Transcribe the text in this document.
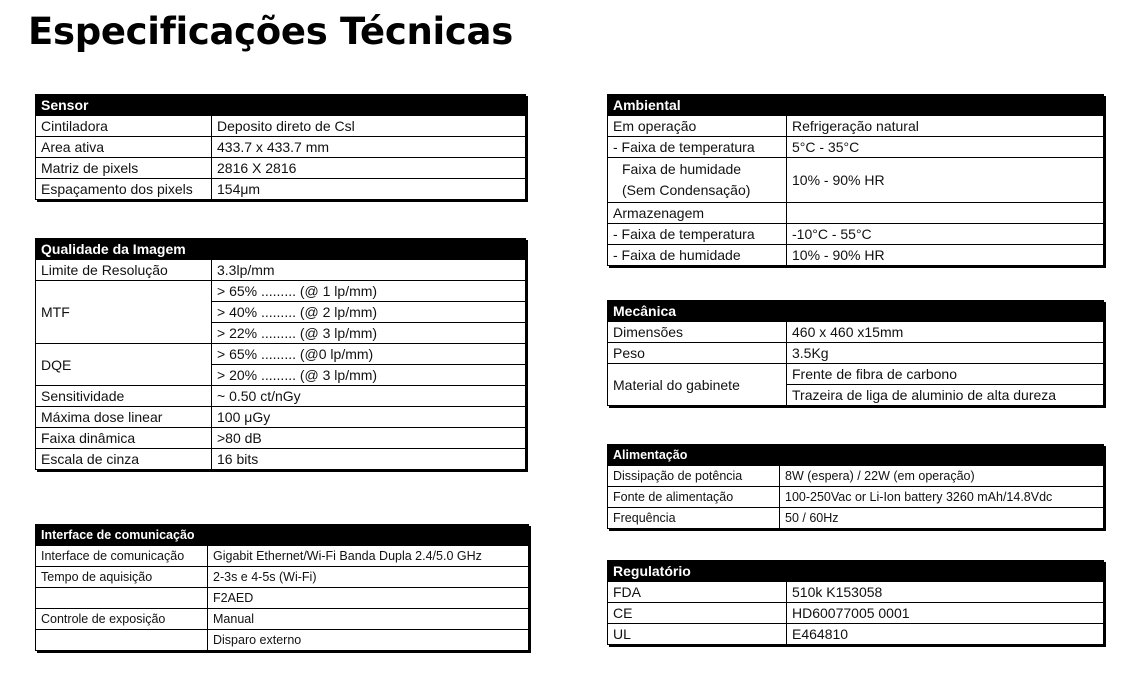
Especificações Técnicas
Sensor	
Cintiladora	Deposito direto de Csl
Area ativa	433.7 x 433.7 mm
Matriz de pixels	2816 X 2816
Espaçamento dos pixels	154μm
Qualidade da Imagem	
Limite de Resolução	3.3lp/mm
MTF	> 65% ......... (@ 1 lp/mm)
	> 40% ......... (@ 2 lp/mm)
	> 22% ......... (@ 3 lp/mm)
DQE	> 65% ......... (@0 lp/mm)
	> 20% ......... (@ 3 lp/mm)
Sensitividade	~ 0.50 ct/nGy
Máxima dose linear	100 μGy
Faixa dinâmica	>80 dB
Escala de cinza	16 bits
Interface de comunicação	
Interface de comunicação	Gigabit Ethernet/Wi-Fi Banda Dupla 2.4/5.0 GHz
Tempo de aquisição	2-3s e 4-5s (Wi-Fi)
	F2AED
Controle de exposição	Manual
	Disparo externo
Ambiental	
Em operação	Refrigeração natural
- Faixa de temperatura	5°C - 35°C
Faixa de humidade
(Sem Condensação)	10% - 90% HR
Armazenagem	
- Faixa de temperatura	-10°C - 55°C
- Faixa de humidade	10% - 90% HR
Mecânica	
Dimensões	460 x 460 x15mm
Peso	3.5Kg
Material do gabinete	Frente de fibra de carbono
	Trazeira de liga de aluminio de alta dureza
Alimentação	
Dissipação de potência	8W (espera) / 22W (em operação)
Fonte de alimentação	100-250Vac or Li-Ion battery 3260 mAh/14.8Vdc
Frequência	50 / 60Hz
Regulatório	
FDA	510k K153058
CE	HD60077005 0001
UL	E464810
